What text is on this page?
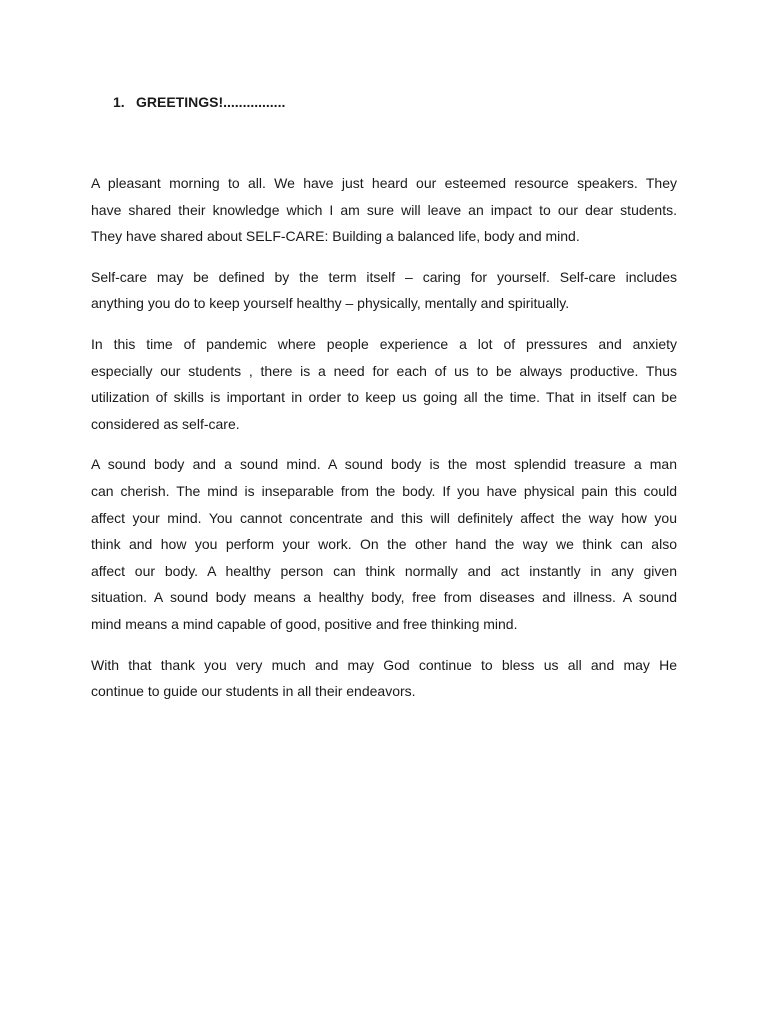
1. GREETINGS!................

A pleasant morning to all. We have just heard our esteemed resource speakers. They
have shared their knowledge which I am sure will leave an impact to our dear students.
They have shared about SELF-CARE: Building a balanced life, body and mind.

Self-care may be defined by the term itself – caring for yourself. Self-care includes
anything you do to keep yourself healthy – physically, mentally and spiritually.

In this time of pandemic where people experience a lot of pressures and anxiety
especially our students , there is a need for each of us to be always productive. Thus
utilization of skills is important in order to keep us going all the time. That in itself can be
considered as self-care.

A sound body and a sound mind. A sound body is the most splendid treasure a man
can cherish. The mind is inseparable from the body. If you have physical pain this could
affect your mind. You cannot concentrate and this will definitely affect the way how you
think and how you perform your work. On the other hand the way we think can also
affect our body. A healthy person can think normally and act instantly in any given
situation. A sound body means a healthy body, free from diseases and illness. A sound
mind means a mind capable of good, positive and free thinking mind.

With that thank you very much and may God continue to bless us all and may He
continue to guide our students in all their endeavors.
